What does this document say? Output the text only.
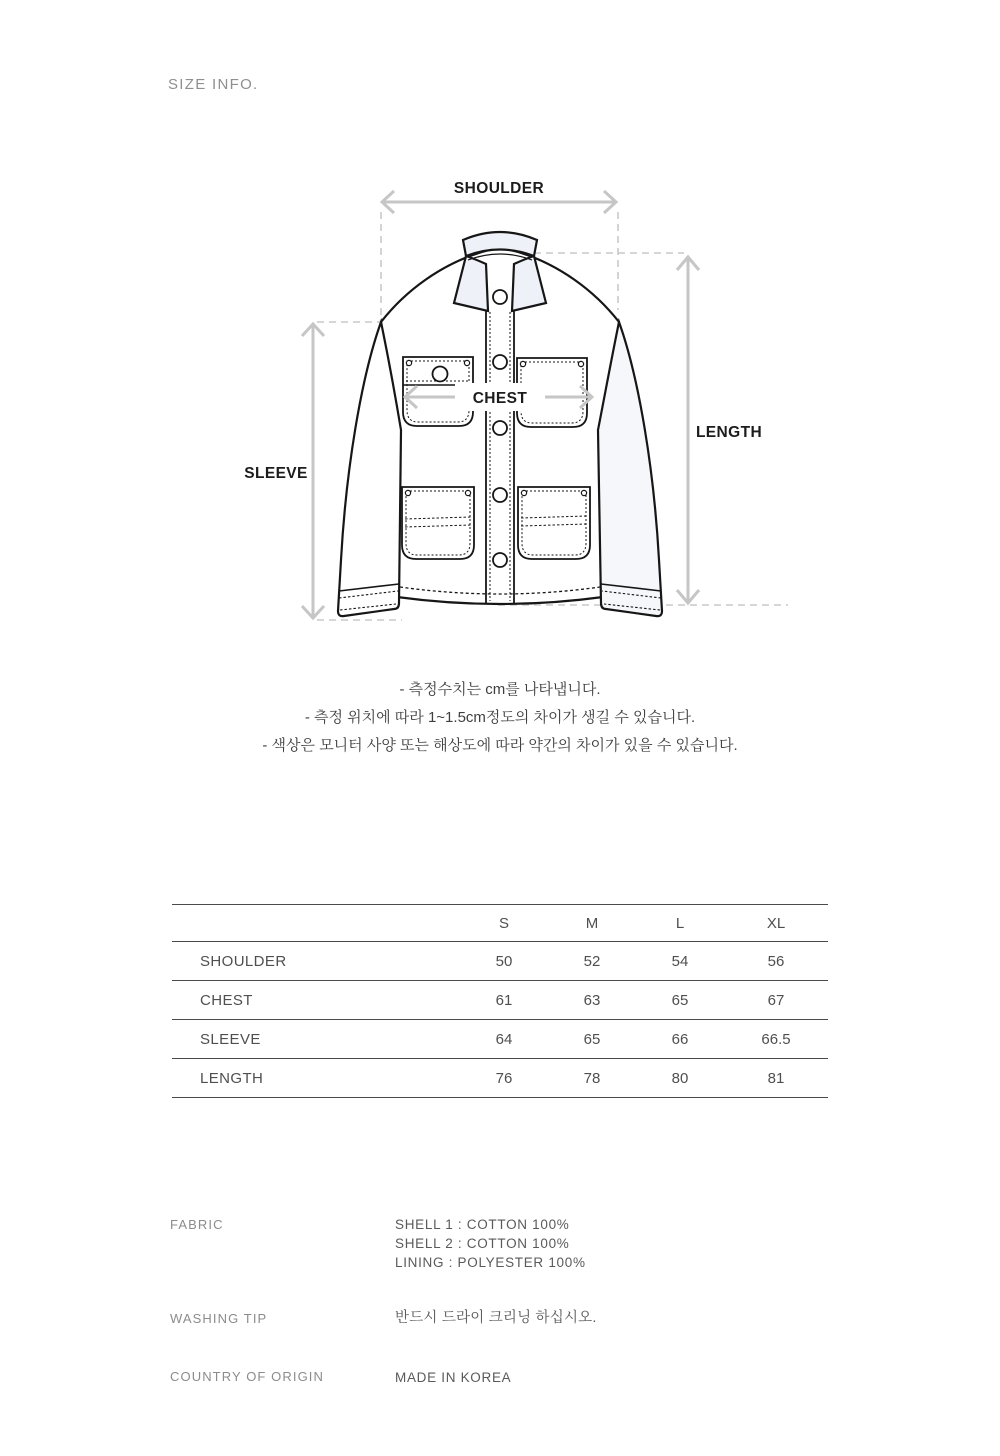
SIZE INFO.
SHOULDER
CHEST
SLEEVE
LENGTH
- 측정수치는 cm를 나타냅니다.
- 측정 위치에 따라 1~1.5cm정도의 차이가 생길 수 있습니다.
- 색상은 모니터 사양 또는 해상도에 따라 약간의 차이가 있을 수 있습니다.
	S	M	L	XL
SHOULDER	50	52	54	56
CHEST	61	63	65	67
SLEEVE	64	65	66	66.5
LENGTH	76	78	80	81
FABRIC	SHELL 1 : COTTON 100%
SHELL 2 : COTTON 100%
LINING : POLYESTER 100%
WASHING TIP	반드시 드라이 크리닝 하십시오.
COUNTRY OF ORIGIN	MADE IN KOREA
